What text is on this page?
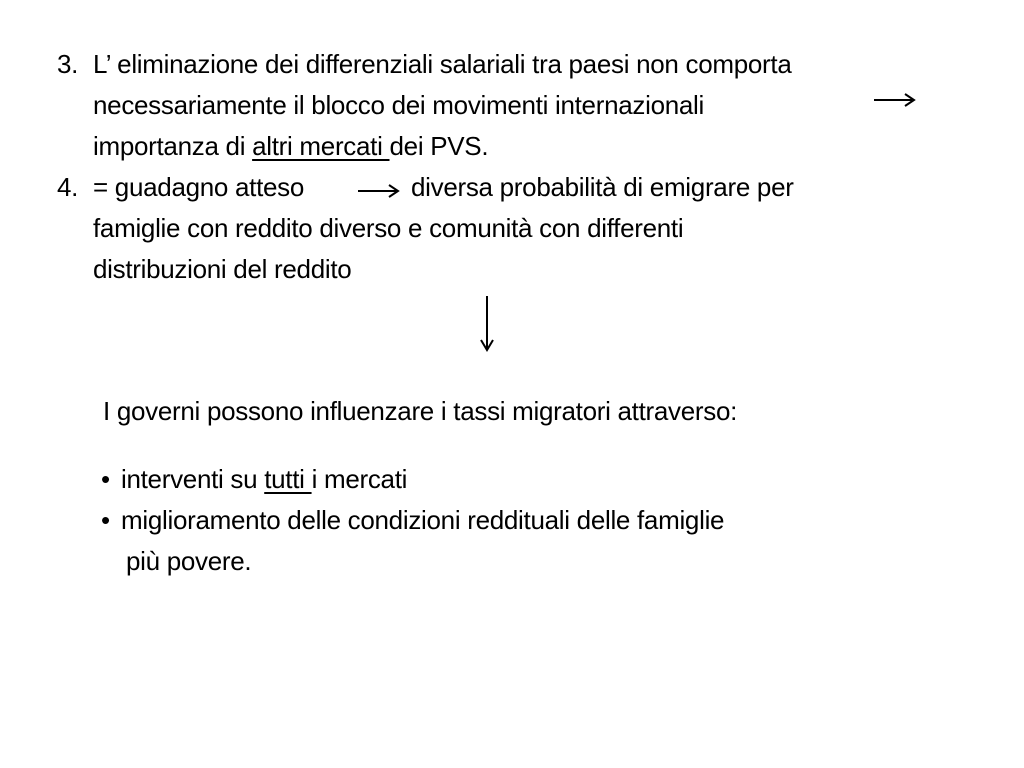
3. L’ eliminazione dei differenziali salariali tra paesi non comporta
necessariamente il blocco dei movimenti internazionali
importanza di altri mercati dei PVS.
4. = guadagno atteso	diversa probabilità di emigrare per
famiglie con reddito diverso e comunità con differenti
distribuzioni del reddito
I governi possono influenzare i tassi migratori attraverso:
• interventi su tutti i mercati
• miglioramento delle condizioni reddituali delle famiglie
più povere.
